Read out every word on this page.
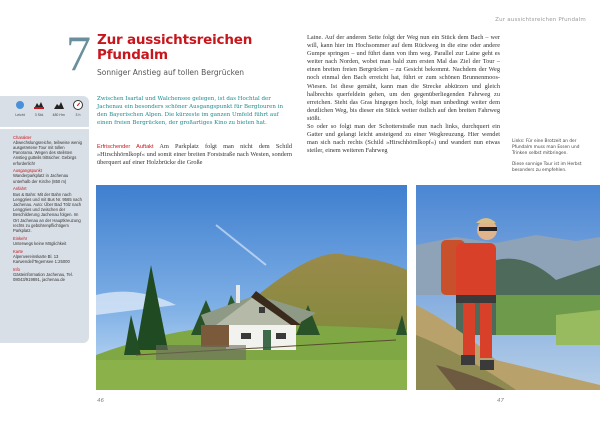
7 Zur aussichtsreichen Pfundalm
Sonniger Anstieg auf tollen Bergrücken
Zur aussichtsreichen Pfundalm
Leicht	3 Std. 480 Hm	3 h
Charakter
Abwechslungsreiche, teilweise wenig ausgetretene Tour mit tollen Panorama. Wegen des steilsten Anstieg gutteils trittsicher. Gebirgs erforderlich!
Ausgangspunkt
Wanderparkplatz in Jachenau unterhalb der Kirche (850 m)
Anfahrt
Bus & Bahn: Mit der Bahn nach Lenggries und mit Bus Nr. 9565 nach Jachenau. Auto: Über Bad Tölz nach Lenggries und zwischen der Beschilderung Jachenau folgen. Im Ort Jachenau an der Hauptkreuzung rechts zu gebührenpflichtigem Parkplatz.
Einkehr
Unterwegs keine Möglichkeit
Karte
Alpenvereinskarte Bl. 13 Karwendel/Tegernsee 1:25000
Info
Gästeinformation Jachenau, Tel. 08043/919891, jachenau.de
Zwischen Isartal und Walchensee gelegen, ist das Hochtal der Jachenau ein besonders schöner Ausgangspunkt für Bergtouren in den Bayerischen Alpen. Die kürzeste im ganzen Umfeld führt auf einen freien Bergrücken, der großartiges Kino zu bieten hat.
Erfrischender Auftakt Am Parkplatz folgt man nicht dem Schild »Hirschhörnlkopf« und somit einer breiten Forststraße nach Westen, sondern überquert auf einer Holzbrücke die Große

Laine. Auf der anderen Seite folgt der Weg nun ein Stück dem Bach – wer will, kann hier im Hochsommer auf dem Rückweg in die eine oder andere Gumpe springen – und führt dann von ihm weg. Parallel zur Laine geht es weiter nach Norden, wobei man bald zum ersten Mal das Ziel der Tour – einen breiten freien Bergrücken – zu Gesicht bekommt. Nachdem der Weg noch einmal den Bach erreicht hat, führt er zum schönen Brunnenmoos-Wiesen. Ist diese gemäht, kann man die Strecke abkürzen und gleich halbrechts querfeldein gehen, um den gegenüberliegenden Fahrweg zu erreichen. Steht das Gras hingegen hoch, folgt man unbedingt weiter dem deutlichen Weg, bis dieser ein Stück weiter östlich auf den breiten Fahrweg stößt.

So oder so folgt man der Schotterstraße nun nach links, durchquert ein Gatter und gelangt leicht ansteigend zu einer Wegkreuzung. Hier wendet man sich nach rechts (Schild »Hirschhörnlkopf«) und wandert nun etwas steiler, einem weiteren Fahrweg

Links: Für eine Brotzeit an der Pfundalm muss man Essen und Trinken selbst mitbringen.

Diese sonnige Tour ist im Herbst besonders zu empfehlen.

46	47
